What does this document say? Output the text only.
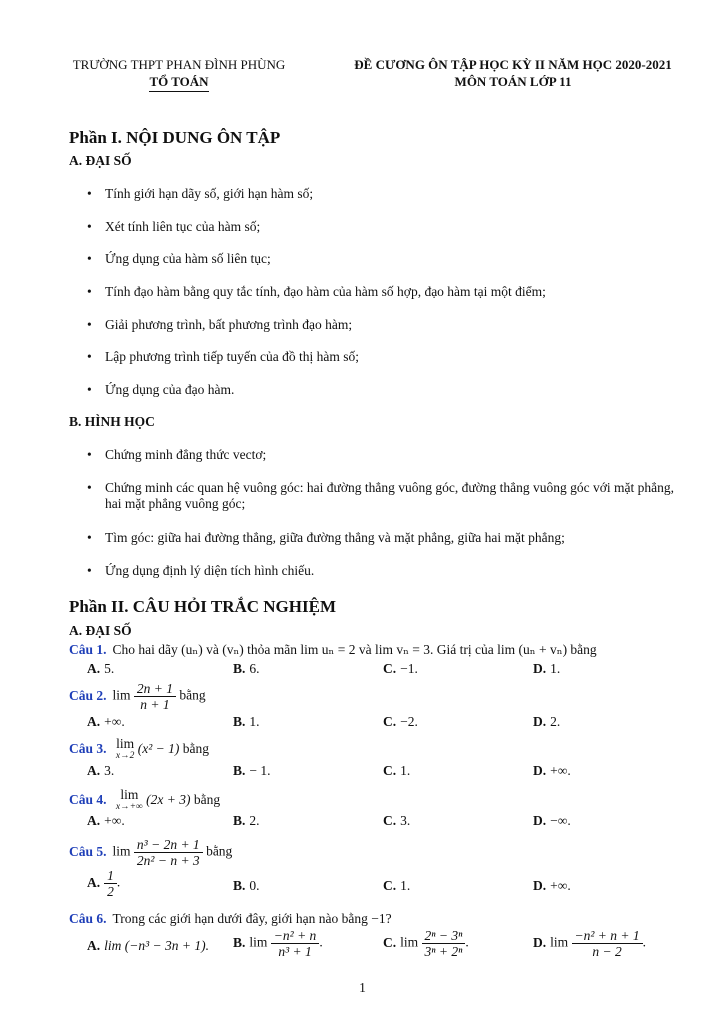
TRƯỜNG THPT PHAN ĐÌNH PHÙNG
TỔ TOÁN
ĐỀ CƯƠNG ÔN TẬP HỌC KỲ II NĂM HỌC 2020-2021
MÔN TOÁN LỚP 11
Phần I. NỘI DUNG ÔN TẬP
A. ĐẠI SỐ
• Tính giới hạn dãy số, giới hạn hàm số;
• Xét tính liên tục của hàm số;
• Ứng dụng của hàm số liên tục;
• Tính đạo hàm bằng quy tắc tính, đạo hàm của hàm số hợp, đạo hàm tại một điểm;
• Giải phương trình, bất phương trình đạo hàm;
• Lập phương trình tiếp tuyến của đồ thị hàm số;
• Ứng dụng của đạo hàm.
B. HÌNH HỌC
• Chứng minh đẳng thức vectơ;
• Chứng minh các quan hệ vuông góc: hai đường thẳng vuông góc, đường thẳng vuông góc với mặt phẳng, hai mặt phẳng vuông góc;
• Tìm góc: giữa hai đường thẳng, giữa đường thẳng và mặt phẳng, giữa hai mặt phẳng;
• Ứng dụng định lý diện tích hình chiếu.
Phần II. CÂU HỎI TRẮC NGHIỆM
A. ĐẠI SỐ
Câu 1. Cho hai dãy (uₙ) và (vₙ) thỏa mãn lim uₙ = 2 và lim vₙ = 3. Giá trị của lim (uₙ + vₙ) bằng
A. 5.	B. 6.	C. −1.	D. 1.
Câu 2. $\lim \frac{2n + 1}{n + 1}$ bằng
A. +∞.	B. 1.	C. −2.	D. 2.
Câu 3. lim
x→2 (x² − 1) bằng
A. 3.	B. − 1.	C. 1.	D. +∞.
Câu 4. lim
x→+∞ (2x + 3) bằng
A. +∞.	B. 2.	C. 3.	D. −∞.
Câu 5. $\lim \frac{\text{n³ − 2n + 1}}{\text{2n² − n + 3}}$ bằng
A. $\frac{1}{2}$ .	B. 0.	C. 1.	D. +∞.
Câu 6. Trong các giới hạn dưới đây, giới hạn nào bằng −1?
A. lim (−n³ − 3n + 1). B. $\lim \frac{\text{−n² + n}}{\text{n³ + 1}}$ .	C. $\lim \frac{\text{2ⁿ − 3ⁿ}}{\text{3ⁿ + 2ⁿ}}$ .	D. $\lim \frac{\text{−n² + n + 1}}{n - 2}$ .
1
